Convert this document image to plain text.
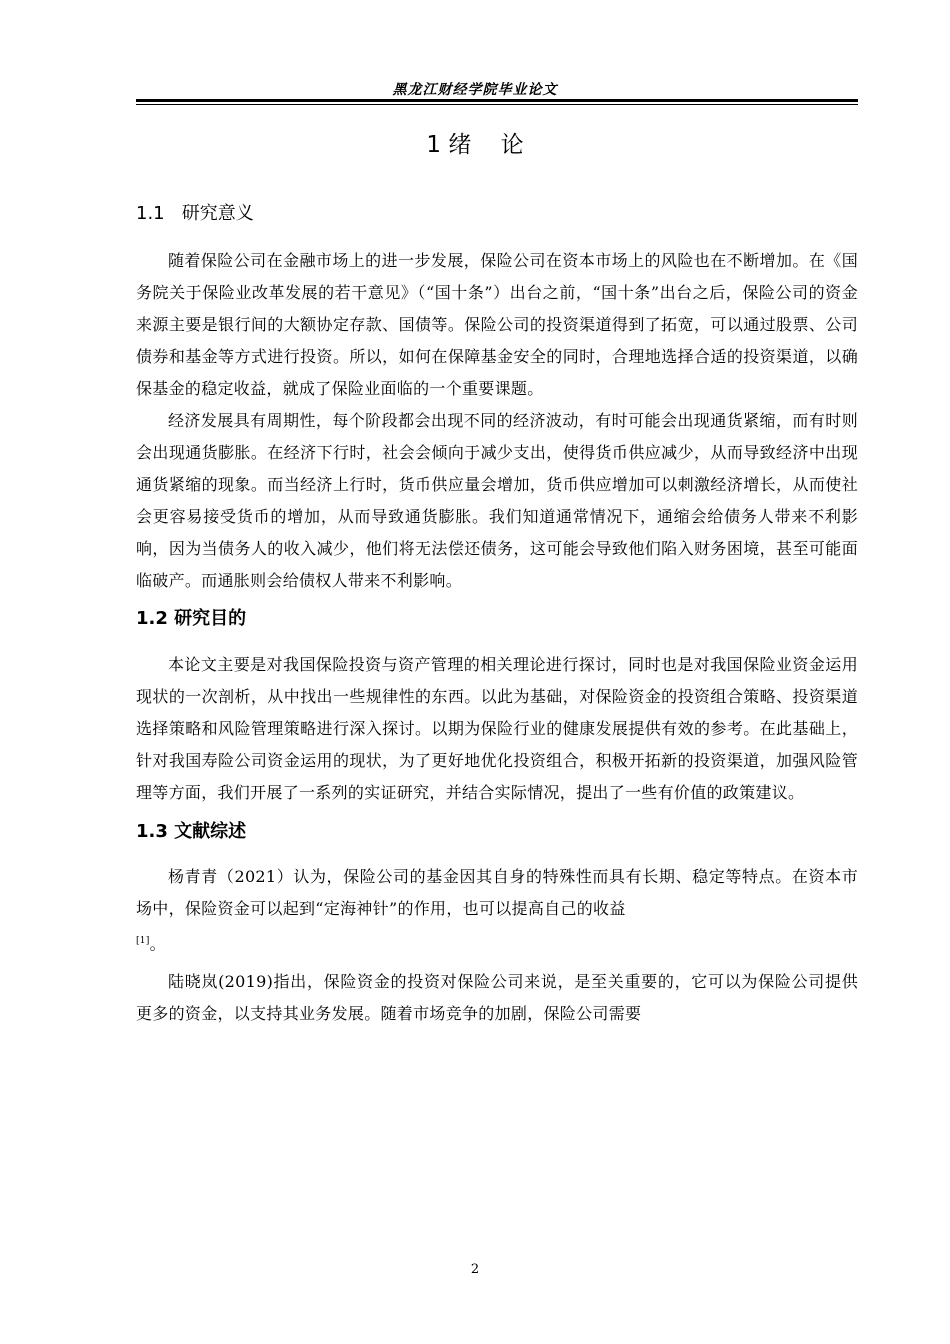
黑龙江财经学院毕业论文
1 绪    论

1.1   研究意义

随着保险公司在金融市场上的进一步发展，保险公司在资本市场上的风险也在不断增加。在《国务院关于保险业改革发展的若干意见》（“国十条”）出台之前，“国十条”出台之后，保险公司的资金来源主要是银行间的大额协定存款、国债等。保险公司的投资渠道得到了拓宽，可以通过股票、公司债券和基金等方式进行投资。所以，如何在保障基金安全的同时，合理地选择合适的投资渠道，以确保基金的稳定收益，就成了保险业面临的一个重要课题。

经济发展具有周期性，每个阶段都会出现不同的经济波动，有时可能会出现通货紧缩，而有时则会出现通货膨胀。在经济下行时，社会会倾向于减少支出，使得货币供应减少，从而导致经济中出现通货紧缩的现象。而当经济上行时，货币供应量会增加，货币供应增加可以刺激经济增长，从而使社会更容易接受货币的增加，从而导致通货膨胀。我们知道通常情况下，通缩会给债务人带来不利影响，因为当债务人的收入减少，他们将无法偿还债务，这可能会导致他们陷入财务困境，甚至可能面临破产。而通胀则会给债权人带来不利影响。

1.2 研究目的

本论文主要是对我国保险投资与资产管理的相关理论进行探讨，同时也是对我国保险业资金运用现状的一次剖析，从中找出一些规律性的东西。以此为基础，对保险资金的投资组合策略、投资渠道选择策略和风险管理策略进行深入探讨。以期为保险行业的健康发展提供有效的参考。在此基础上，针对我国寿险公司资金运用的现状，为了更好地优化投资组合，积极开拓新的投资渠道，加强风险管理等方面，我们开展了一系列的实证研究，并结合实际情况，提出了一些有价值的政策建议。

1.3 文献综述

杨青青（2021）认为，保险公司的基金因其自身的特殊性而具有长期、稳定等特点。在资本市场中，保险资金可以起到“定海神针”的作用，也可以提高自己的收益
[1]。

陆晓岚(2019)指出，保险资金的投资对保险公司来说，是至关重要的，它可以为保险公司提供更多的资金，以支持其业务发展。随着市场竞争的加剧，保险公司需要

2
